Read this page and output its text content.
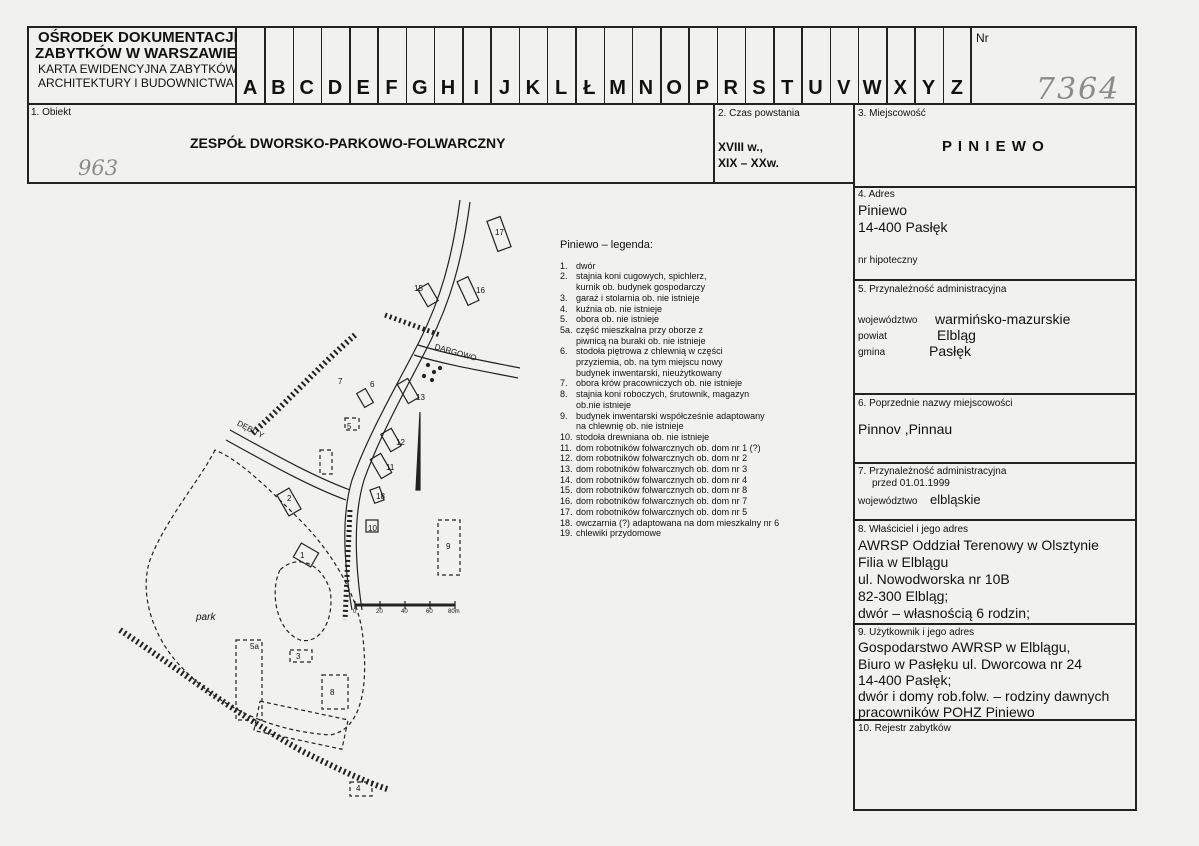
OŚRODEK DOKUMENTACJI
ZABYTKÓW W WARSZAWIE
KARTA EWIDENCYJNA ZABYTKÓW
ARCHITEKTURY I BUDOWNICTWA A B C D E F G H I J K L Ł M N O P R S T U V W X Y Z
Nr
7364
1. Obiekt
ZESPÓŁ DWORSKO-PARKOWO-FOLWARCZNY
963
2. Czas powstania
XVIII w.,
XIX – XXw.
3. Miejscowość
P I N I E W O
4. Adres
Piniewo
14-400 Pasłęk
nr hipoteczny
5. Przynależność administracyjna
województwo warmińsko-mazurskie
powiat	Elbląg
gmina	Pasłęk
6. Poprzednie nazwy miejscowości
Pinnov ,Pinnau
7. Przynależność administracyjna
przed 01.01.1999
województwo elbląskie
8. Właściciel i jego adres
AWRSP Oddział Terenowy w Olsztynie
Filia w Elblągu
ul. Nowodworska nr 10B
82-300 Elbląg;
dwór – własnością 6 rodzin;
9. Użytkownik i jego adres
Gospodarstwo AWRSP w Elblągu,
Biuro w Pasłęku ul. Dworcowa nr 24
14-400 Pasłęk;
dwór i domy rob.folw. – rodziny dawnych
pracowników POHZ Piniewo
10. Rejestr zabytków
Piniewo – legenda:
1. dwór
2. stajnia koni cugowych, spichlerz,
kurnik ob. budynek gospodarczy
3. garaż i stolarnia ob. nie istnieje
4. kuźnia ob. nie istnieje
5. obora ob. nie istnieje
5a. część mieszkalna przy oborze z
piwnicą na buraki ob. nie istnieje
6. stodoła piętrowa z chlewnią w części
przyziemia, ob. na tym miejscu nowy
budynek inwentarski, nieużytkowany
7. obora krów pracowniczych ob. nie istnieje
8. stajnia koni roboczych, śrutownik, magazyn
ob.nie istnieje
9. budynek inwentarski współcześnie adaptowany
na chlewnię ob. nie istnieje
10. stodoła drewniana ob. nie istnieje
11. dom robotników folwarcznych ob. dom nr 1 (?)
12. dom robotników folwarcznych ob. dom nr 2
13. dom robotników folwarcznych ob. dom nr 3
14. dom robotników folwarcznych ob. dom nr 4
15. dom robotników folwarcznych ob. dom nr 8
16. dom robotników folwarcznych ob. dom nr 7
17. dom robotników folwarcznych ob. dom nr 5
18. owczarnia (?) adaptowana na dom mieszkalny nr 6
19. chlewiki przydomowe
DARGOWO
DĘBITY
park	0	20	40	60	80m
17
16
15
13
6
7
12
11
18
10
2
9
5
5a
3
8
4
1
